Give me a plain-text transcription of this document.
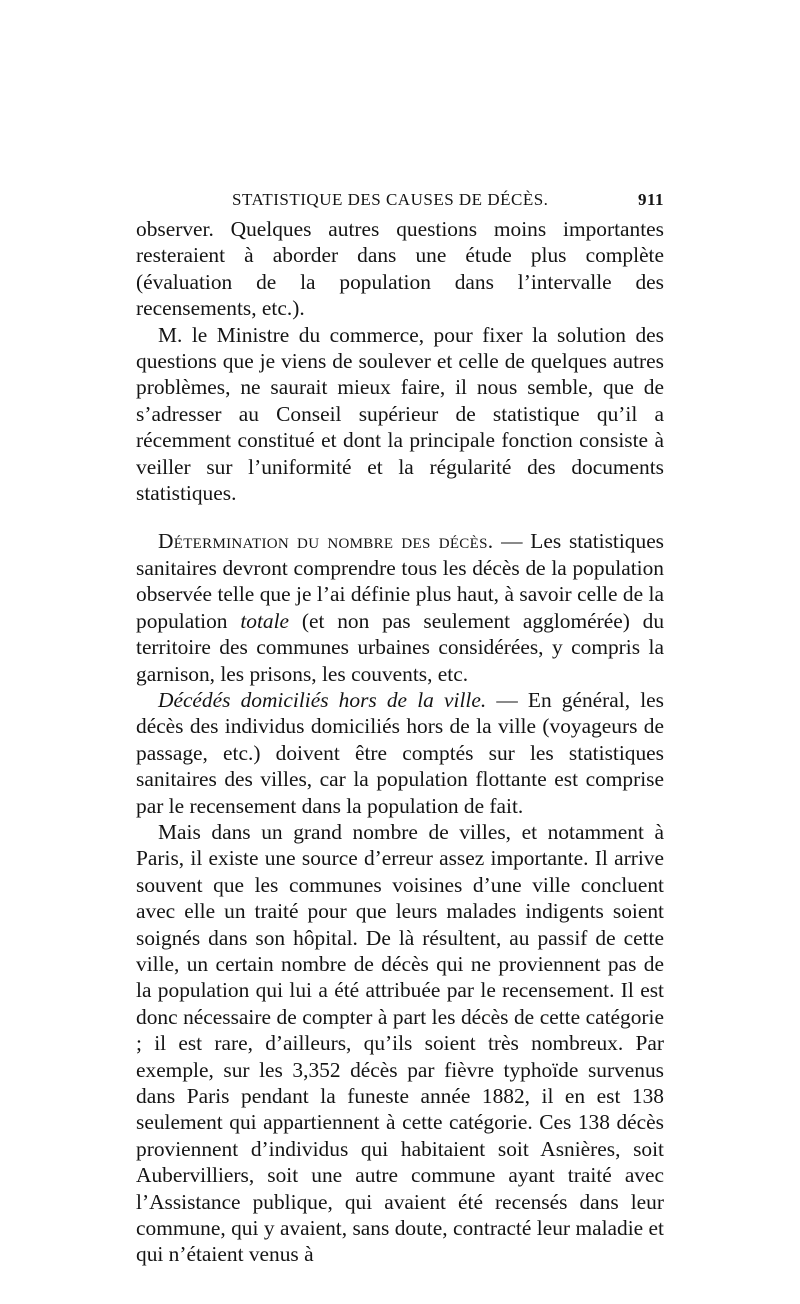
STATISTIQUE DES CAUSES DE DÉCÈS.	911

observer. Quelques autres questions moins importantes resteraient à aborder dans une étude plus complète (évaluation de la population dans l’intervalle des recensements, etc.).

M. le Ministre du commerce, pour fixer la solution des questions que je viens de soulever et celle de quelques autres problèmes, ne saurait mieux faire, il nous semble, que de s’adresser au Conseil supérieur de statistique qu’il a récemment constitué et dont la principale fonction consiste à veiller sur l’uniformité et la régularité des documents statistiques.

Détermination du nombre des décès. — Les statistiques sanitaires devront comprendre tous les décès de la population observée telle que je l’ai définie plus haut, à savoir celle de la population totale (et non pas seulement agglomérée) du territoire des communes urbaines considérées, y compris la garnison, les prisons, les couvents, etc.

Décédés domiciliés hors de la ville. — En général, les décès des individus domiciliés hors de la ville (voyageurs de passage, etc.) doivent être comptés sur les statistiques sanitaires des villes, car la population flottante est comprise par le recensement dans la population de fait.

Mais dans un grand nombre de villes, et notamment à Paris, il existe une source d’erreur assez importante. Il arrive souvent que les communes voisines d’une ville concluent avec elle un traité pour que leurs malades indigents soient soignés dans son hôpital. De là résultent, au passif de cette ville, un certain nombre de décès qui ne proviennent pas de la population qui lui a été attribuée par le recensement. Il est donc nécessaire de compter à part les décès de cette catégorie ; il est rare, d’ailleurs, qu’ils soient très nombreux. Par exemple, sur les 3,352 décès par fièvre typhoïde survenus dans Paris pendant la funeste année 1882, il en est 138 seulement qui appartiennent à cette catégorie. Ces 138 décès proviennent d’individus qui habitaient soit Asnières, soit Aubervilliers, soit une autre commune ayant traité avec l’Assistance publique, qui avaient été recensés dans leur commune, qui y avaient, sans doute, contracté leur maladie et qui n’étaient venus à
